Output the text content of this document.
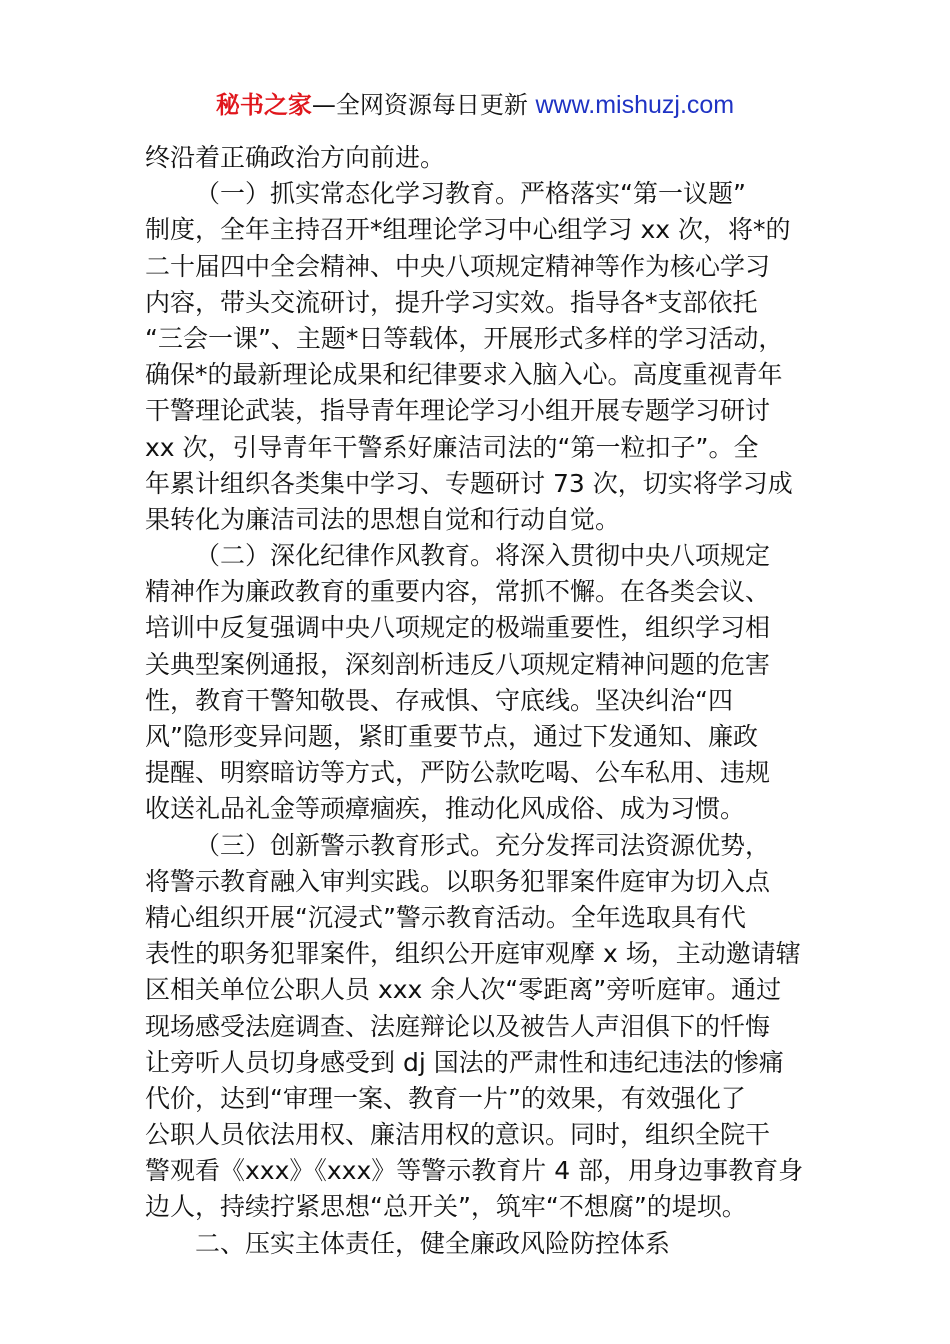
秘书之家—全网资源每日更新 www.mishuzj.com
终沿着正确政治方向前进。
（一）抓实常态化学习教育。严格落实“第一议题”
制度，全年主持召开*组理论学习中心组学习 xx 次，将*的
二十届四中全会精神、中央八项规定精神等作为核心学习
内容，带头交流研讨，提升学习实效。指导各*支部依托
“三会一课”、主题*日等载体，开展形式多样的学习活动，
确保*的最新理论成果和纪律要求入脑入心。高度重视青年
干警理论武装，指导青年理论学习小组开展专题学习研讨
xx 次，引导青年干警系好廉洁司法的“第一粒扣子”。全
年累计组织各类集中学习、专题研讨 73 次，切实将学习成
果转化为廉洁司法的思想自觉和行动自觉。
（二）深化纪律作风教育。将深入贯彻中央八项规定
精神作为廉政教育的重要内容，常抓不懈。在各类会议、
培训中反复强调中央八项规定的极端重要性，组织学习相
关典型案例通报，深刻剖析违反八项规定精神问题的危害
性，教育干警知敬畏、存戒惧、守底线。坚决纠治“四
风”隐形变异问题，紧盯重要节点，通过下发通知、廉政
提醒、明察暗访等方式，严防公款吃喝、公车私用、违规
收送礼品礼金等顽瘴痼疾，推动化风成俗、成为习惯。
（三）创新警示教育形式。充分发挥司法资源优势，
将警示教育融入审判实践。以职务犯罪案件庭审为切入点
精心组织开展“沉浸式”警示教育活动。全年选取具有代
表性的职务犯罪案件，组织公开庭审观摩 x 场，主动邀请辖
区相关单位公职人员 xxx 余人次“零距离”旁听庭审。通过
现场感受法庭调查、法庭辩论以及被告人声泪俱下的忏悔
让旁听人员切身感受到 dj 国法的严肃性和违纪违法的惨痛
代价，达到“审理一案、教育一片”的效果，有效强化了
公职人员依法用权、廉洁用权的意识。同时，组织全院干
警观看《xxx》《xxx》等警示教育片 4 部，用身边事教育身
边人，持续拧紧思想“总开关”，筑牢“不想腐”的堤坝。
二、压实主体责任，健全廉政风险防控体系
